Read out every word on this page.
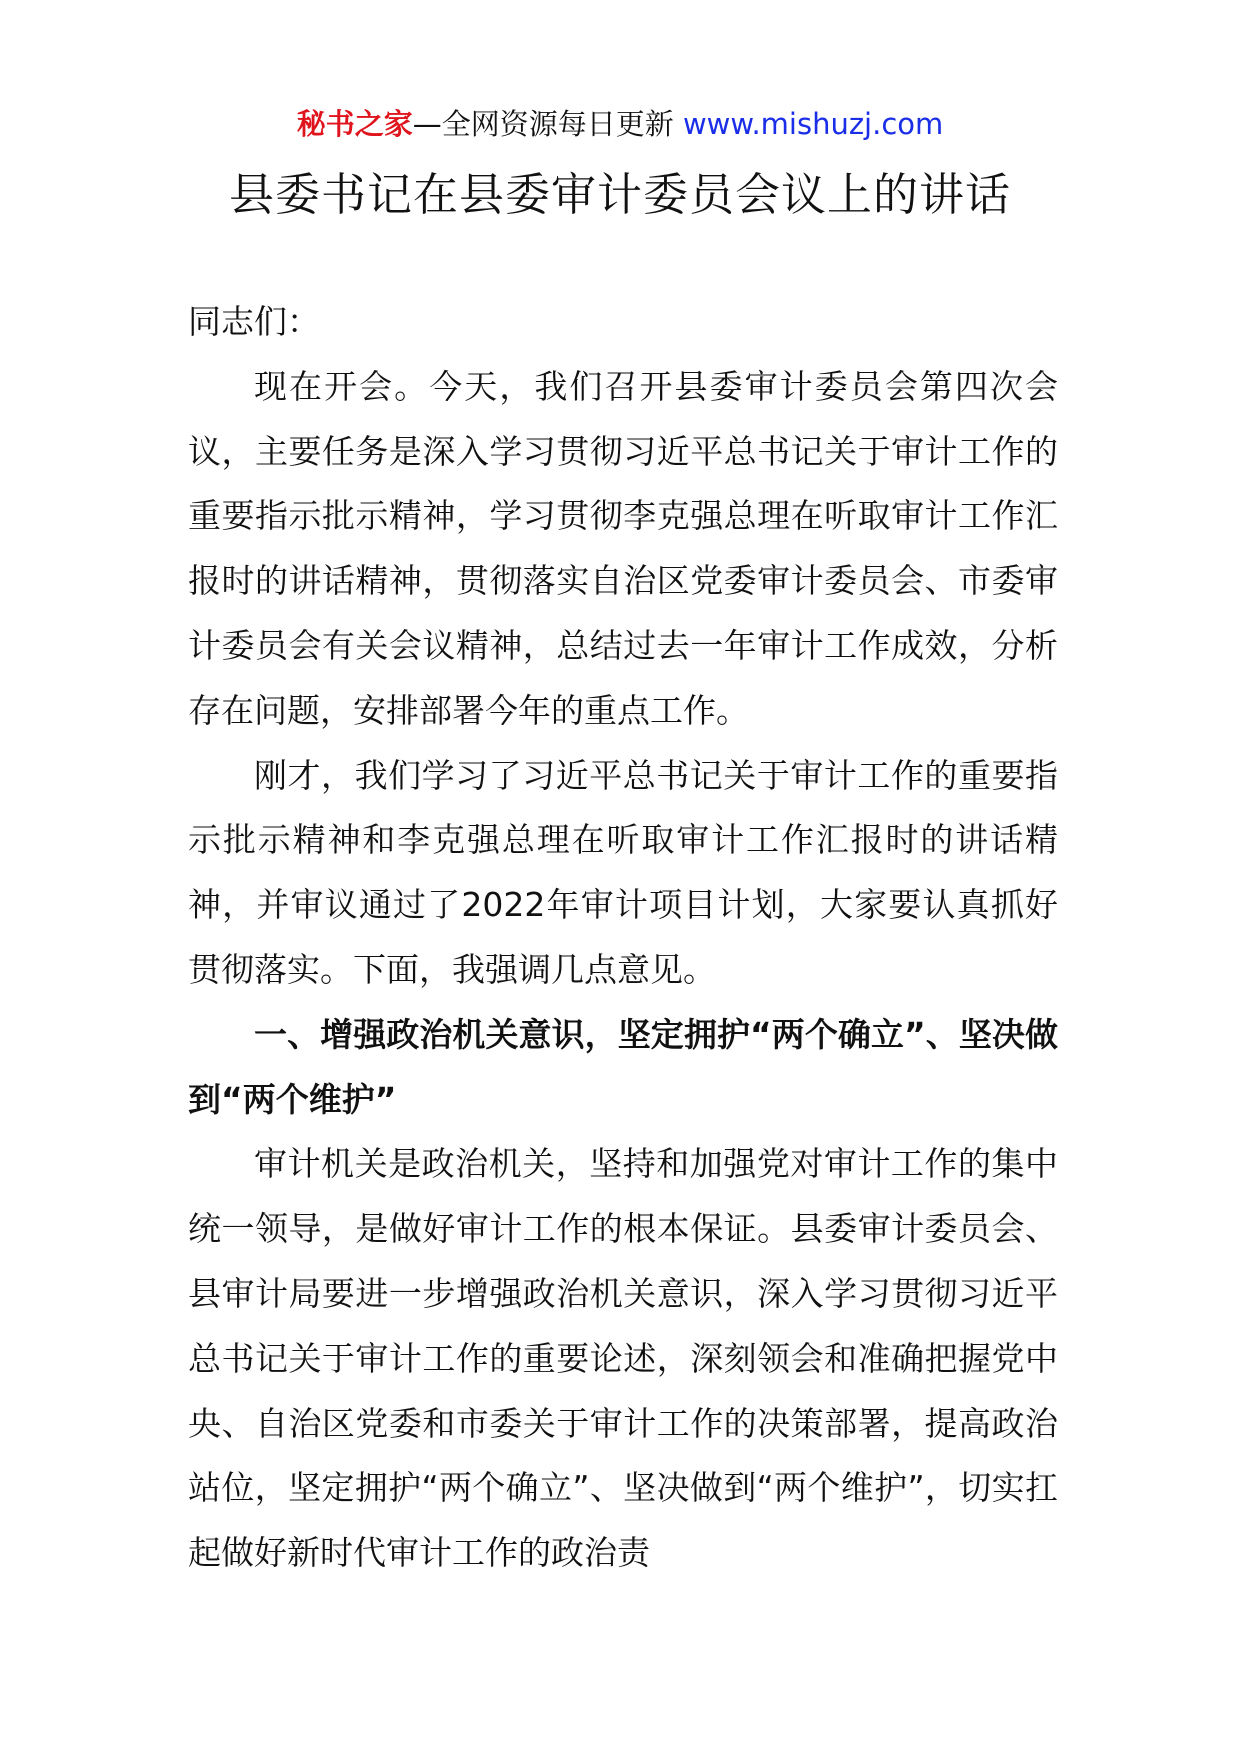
秘书之家—全网资源每日更新 www.mishuzj.com
县委书记在县委审计委员会议上的讲话

同志们：

现在开会。今天，我们召开县委审计委员会第四次会议，主要任务是深入学习贯彻习近平总书记关于审计工作的重要指示批示精神，学习贯彻李克强总理在听取审计工作汇报时的讲话精神，贯彻落实自治区党委审计委员会、市委审计委员会有关会议精神，总结过去一年审计工作成效，分析存在问题，安排部署今年的重点工作。

刚才，我们学习了习近平总书记关于审计工作的重要指示批示精神和李克强总理在听取审计工作汇报时的讲话精神，并审议通过了2022年审计项目计划，大家要认真抓好贯彻落实。下面，我强调几点意见。

一、增强政治机关意识，坚定拥护“两个确立”、坚决做到“两个维护”

审计机关是政治机关，坚持和加强党对审计工作的集中统一领导，是做好审计工作的根本保证。县委审计委员会、县审计局要进一步增强政治机关意识，深入学习贯彻习近平总书记关于审计工作的重要论述，深刻领会和准确把握党中央、自治区党委和市委关于审计工作的决策部署，提高政治站位，坚定拥护“两个确立”、坚决做到“两个维护”，切实扛起做好新时代审计工作的政治责
